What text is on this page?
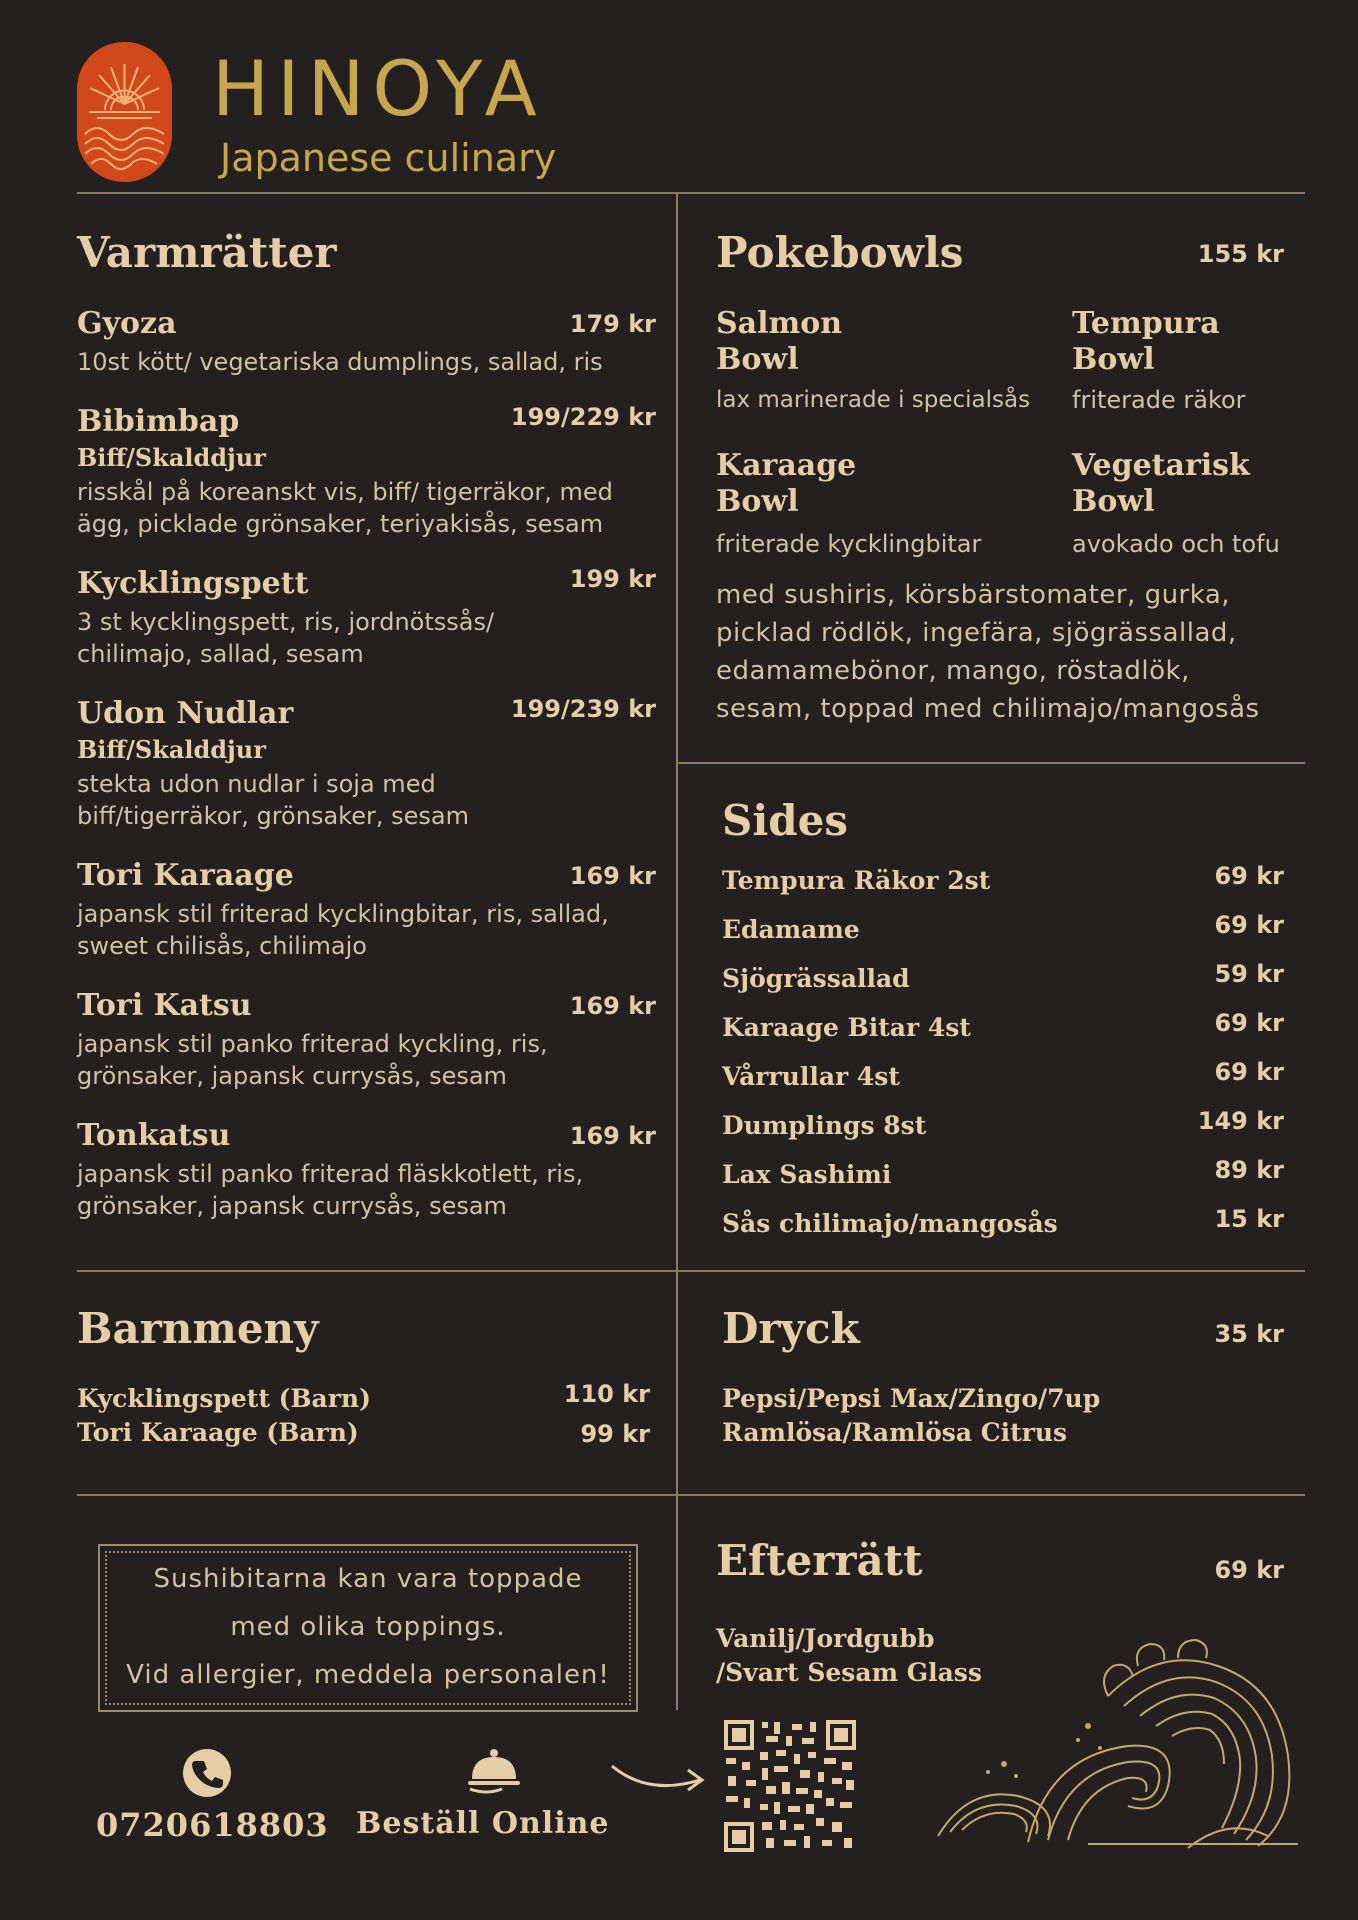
HINOYA
Japanese culinary
Varmrätter
Gyoza	179 kr
10st kött/ vegetariska dumplings, sallad, ris
Bibimbap	199/229 kr
Biff/Skalddjur
risskål på koreanskt vis, biff/ tigerräkor, med
ägg, picklade grönsaker, teriyakisås, sesam
Kycklingspett	199 kr
3 st kycklingspett, ris, jordnötssås/
chilimajo, sallad, sesam
Udon Nudlar	199/239 kr
Biff/Skalddjur
stekta udon nudlar i soja med
biff/tigerräkor, grönsaker, sesam
Tori Karaage	169 kr
japansk stil friterad kycklingbitar, ris, sallad,
sweet chilisås, chilimajo
Tori Katsu	169 kr
japansk stil panko friterad kyckling, ris,
grönsaker, japansk currysås, sesam
Tonkatsu	169 kr
japansk stil panko friterad fläskkotlett, ris,
grönsaker, japansk currysås, sesam
Pokebowls	155 kr
Salmon
Bowl
lax marinerade i specialsås
Tempura
Bowl
friterade räkor
Karaage
Bowl
friterade kycklingbitar
Vegetarisk
Bowl
avokado och tofu
med sushiris, körsbärstomater, gurka,
picklad rödlök, ingefära, sjögrässallad,
edamamebönor, mango, röstadlök,
sesam, toppad med chilimajo/mangosås
Sides
Tempura Räkor 2st	69 kr
Edamame	69 kr
Sjögrässallad	59 kr
Karaage Bitar 4st	69 kr
Vårrullar 4st	69 kr
Dumplings 8st	149 kr
Lax Sashimi	89 kr
Sås chilimajo/mangosås	15 kr
Barnmeny
Kycklingspett (Barn)	110 kr
Tori Karaage (Barn)	99 kr
Dryck	35 kr
Pepsi/Pepsi Max/Zingo/7up
Ramlösa/Ramlösa Citrus
Sushibitarna kan vara toppade
med olika toppings.
Vid allergier, meddela personalen!
Efterrätt	69 kr
Vanilj/Jordgubb
/Svart Sesam Glass
0720618803 Beställ Online
